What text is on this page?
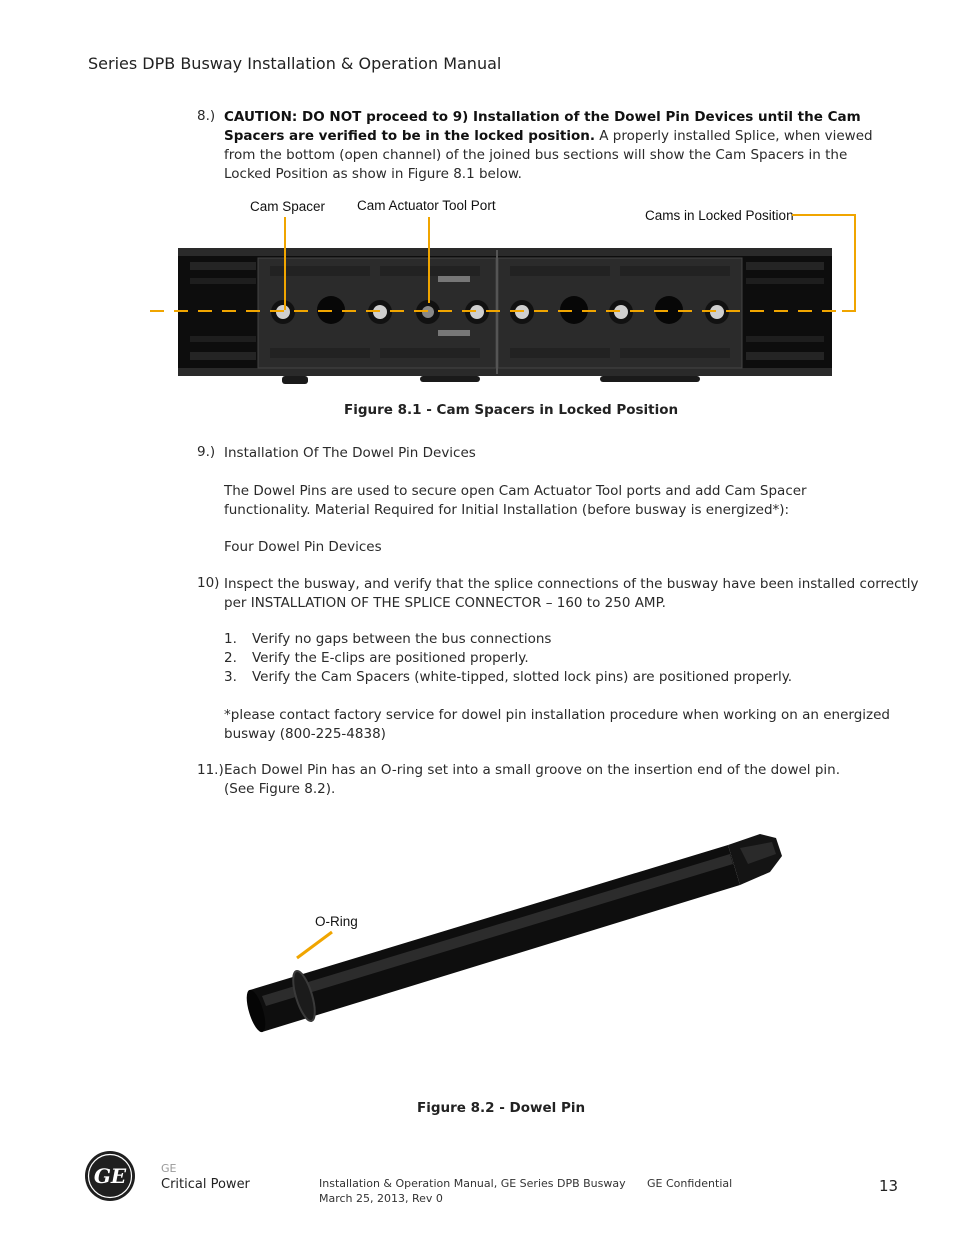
Series DPB Busway Installation & Operation Manual
8.) CAUTION: DO NOT proceed to 9) Installation of the Dowel Pin Devices until the Cam Spacers are verified to be in the locked position. A properly installed Splice, when viewed from the bottom (open channel) of the joined bus sections will show the Cam Spacers in the Locked Position as show in Figure 8.1 below.
Cam Spacer Cam Actuator Tool Port
Cams in Locked Position
Figure 8.1 - Cam Spacers in Locked Position
9.) Installation Of The Dowel Pin Devices
The Dowel Pins are used to secure open Cam Actuator Tool ports and add Cam Spacer functionality. Material Required for Initial Installation (before busway is energized*):
Four Dowel Pin Devices
10) Inspect the busway, and verify that the splice connections of the busway have been installed correctly
per INSTALLATION OF THE SPLICE CONNECTOR – 160 to 250 AMP.
1. Verify no gaps between the bus connections
2. Verify the E-clips are positioned properly.
3. Verify the Cam Spacers (white-tipped, slotted lock pins) are positioned properly.
*please contact factory service for dowel pin installation procedure when working on an energized busway (800-225-4838)
11.) Each Dowel Pin has an O-ring set into a small groove on the insertion end of the dowel pin.
(See Figure 8.2).
O-Ring
Figure 8.2 - Dowel Pin
GE	GE
Critical Power	Installation & Operation Manual, GE Series DPB Busway
March 25, 2013, Rev 0
GE Confidential	13
